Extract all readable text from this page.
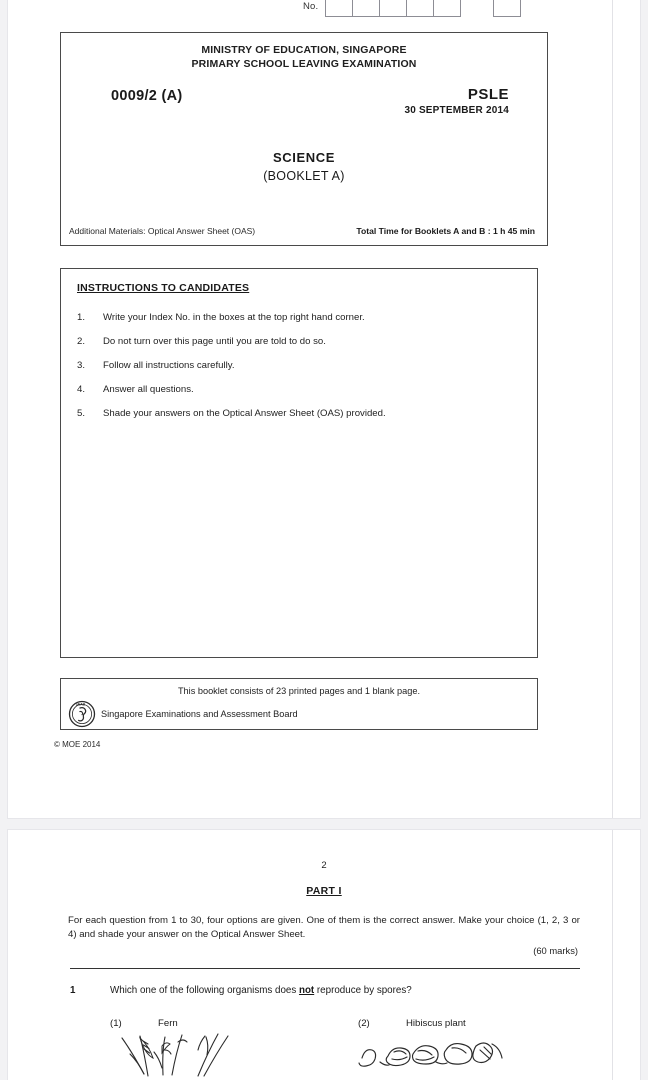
No.
MINISTRY OF EDUCATION, SINGAPORE
PRIMARY SCHOOL LEAVING EXAMINATION
0009/2 (A)	PSLE
30 SEPTEMBER 2014
SCIENCE
(BOOKLET A)
Additional Materials: Optical Answer Sheet (OAS)	Total Time for Booklets A and B : 1 h 45 min
INSTRUCTIONS TO CANDIDATES
1.	Write your Index No. in the boxes at the top right hand corner.
2.	Do not turn over this page until you are told to do so.
3.	Follow all instructions carefully.
4.	Answer all questions.
5.	Shade your answers on the Optical Answer Sheet (OAS) provided.
This booklet consists of 23 printed pages and 1 blank page.
SEAB
Singapore Examinations and Assessment Board
© MOE 2014
2
PART I
For each question from 1 to 30, four options are given. One of them is the correct answer. Make your choice (1, 2, 3 or 4) and shade your answer on the Optical Answer Sheet.
(60 marks)
1	Which one of the following organisms does not reproduce by spores?
(1)	Fern	(2)	Hibiscus plant
